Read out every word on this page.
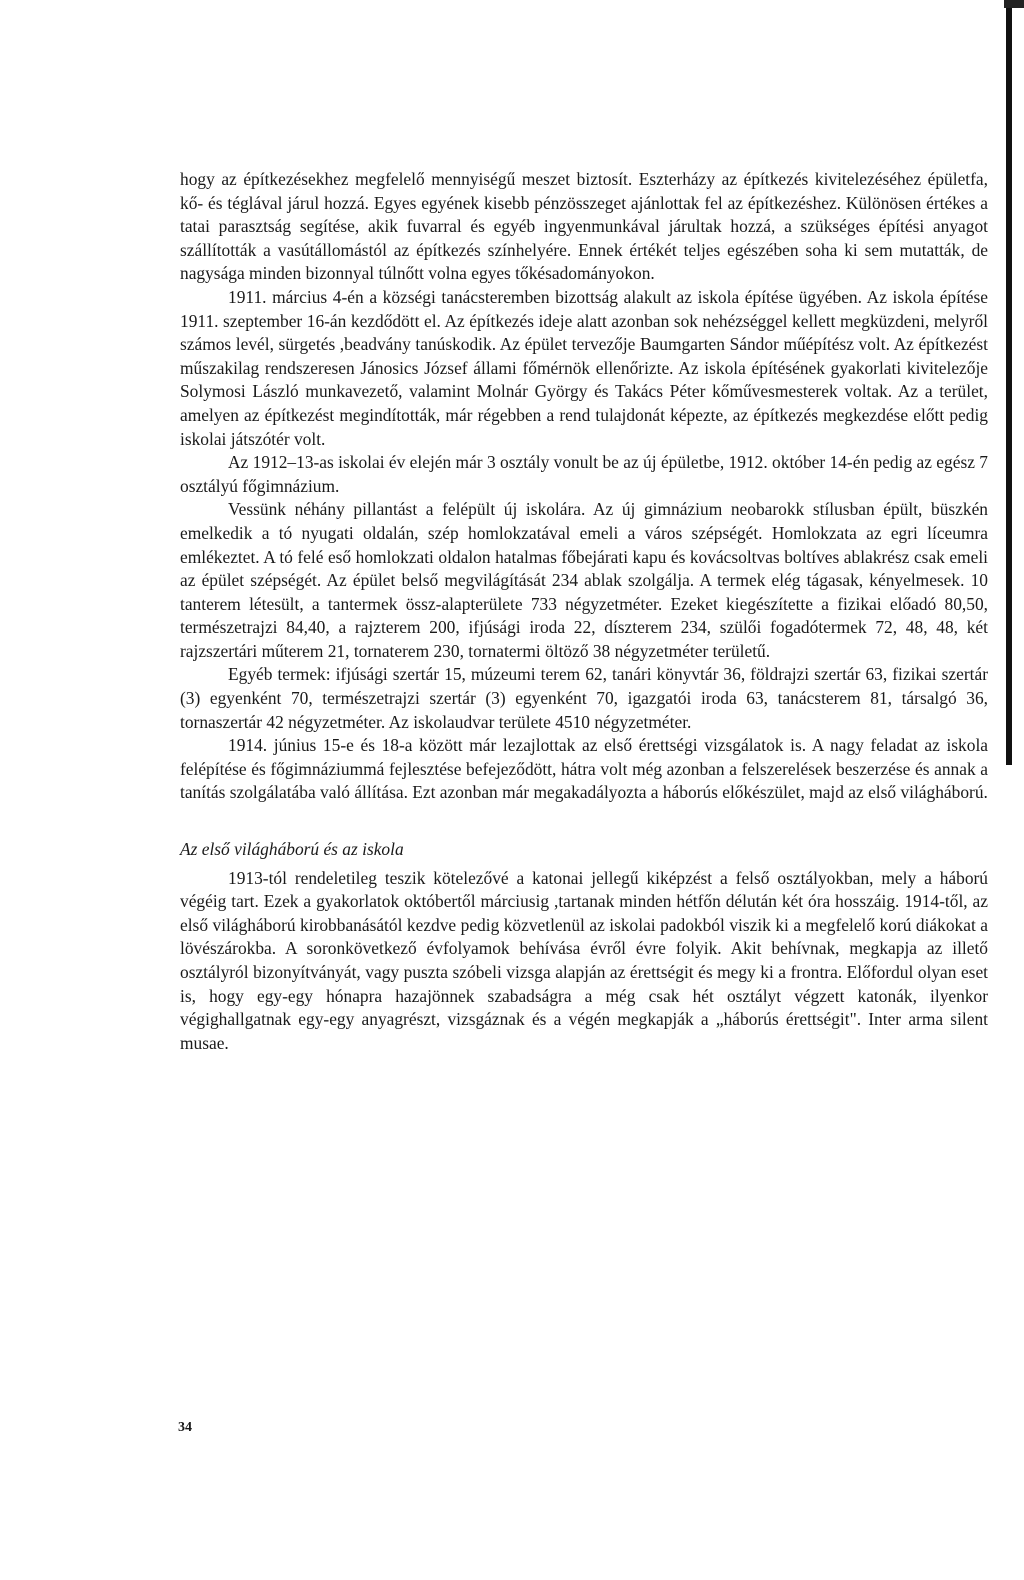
hogy az építkezésekhez megfelelő mennyiségű meszet biztosít. Eszterházy az építkezés kivitelezéséhez épületfa, kő- és téglával járul hozzá. Egyes egyének kisebb pénzösszeget ajánlottak fel az építkezéshez. Különösen értékes a tatai parasztság segítése, akik fuvarral és egyéb ingyenmunkával járultak hozzá, a szükséges építési anyagot szállították a vasútállomástól az építkezés színhelyére. Ennek értékét teljes egészében soha ki sem mutatták, de nagysága minden bizonnyal túlnőtt volna egyes tőkésadományokon.

1911. március 4-én a községi tanácsteremben bizottság alakult az iskola építése ügyében. Az iskola építése 1911. szeptember 16-án kezdődött el. Az építkezés ideje alatt azonban sok nehézséggel kellett megküzdeni, melyről számos levél, sürgetés ,beadvány tanúskodik. Az épület tervezője Baumgarten Sándor műépítész volt. Az építkezést műszakilag rendszeresen Jánosics József állami főmérnök ellenőrizte. Az iskola építésének gyakorlati kivitelezője Solymosi László munkavezető, valamint Molnár György és Takács Péter kőművesmesterek voltak. Az a terület, amelyen az építkezést megindították, már régebben a rend tulajdonát képezte, az építkezés megkezdése előtt pedig iskolai játszótér volt.

Az 1912–13-as iskolai év elején már 3 osztály vonult be az új épületbe, 1912. október 14-én pedig az egész 7 osztályú főgimnázium.

Vessünk néhány pillantást a felépült új iskolára. Az új gimnázium neobarokk stílusban épült, büszkén emelkedik a tó nyugati oldalán, szép homlokzatával emeli a város szépségét. Homlokzata az egri líceumra emlékeztet. A tó felé eső homlokzati oldalon hatalmas főbejárati kapu és kovácsoltvas boltíves ablakrész csak emeli az épület szépségét. Az épület belső megvilágítását 234 ablak szolgálja. A termek elég tágasak, kényelmesek. 10 tanterem létesült, a tantermek össz-alapterülete 733 négyzetméter. Ezeket kiegészítette a fizikai előadó 80,50, természetrajzi 84,40, a rajzterem 200, ifjúsági iroda 22, díszterem 234, szülői fogadótermek 72, 48, 48, két rajzszertári műterem 21, tornaterem 230, tornatermi öltöző 38 négyzetméter területű.

Egyéb termek: ifjúsági szertár 15, múzeumi terem 62, tanári könyvtár 36, földrajzi szertár 63, fizikai szertár (3) egyenként 70, természetrajzi szertár (3) egyenként 70, igazgatói iroda 63, tanácsterem 81, társalgó 36, tornaszertár 42 négyzetméter. Az iskolaudvar területe 4510 négyzetméter.

1914. június 15-e és 18-a között már lezajlottak az első érettségi vizsgálatok is. A nagy feladat az iskola felépítése és főgimnáziummá fejlesztése befejeződött, hátra volt még azonban a felszerelések beszerzése és annak a tanítás szolgálatába való állítása. Ezt azonban már megakadályozta a háborús előkészület, majd az első világháború.

Az első világháború és az iskola

1913-tól rendeletileg teszik kötelezővé a katonai jellegű kiképzést a felső osztályokban, mely a háború végéig tart. Ezek a gyakorlatok októbertől márciusig ,tartanak minden hétfőn délután két óra hosszáig. 1914-től, az első világháború kirobbanásától kezdve pedig közvetlenül az iskolai padokból viszik ki a megfelelő korú diákokat a lövészárokba. A soronkövetkező évfolyamok behívása évről évre folyik. Akit behívnak, megkapja az illető osztályról bizonyítványát, vagy puszta szóbeli vizsga alapján az érettségit és megy ki a frontra. Előfordul olyan eset is, hogy egy-egy hónapra hazajönnek szabadságra a még csak hét osztályt végzett katonák, ilyenkor végighallgatnak egy-egy anyagrészt, vizsgáznak és a végén megkapják a „háborús érettségit". Inter arma silent musae.

34
